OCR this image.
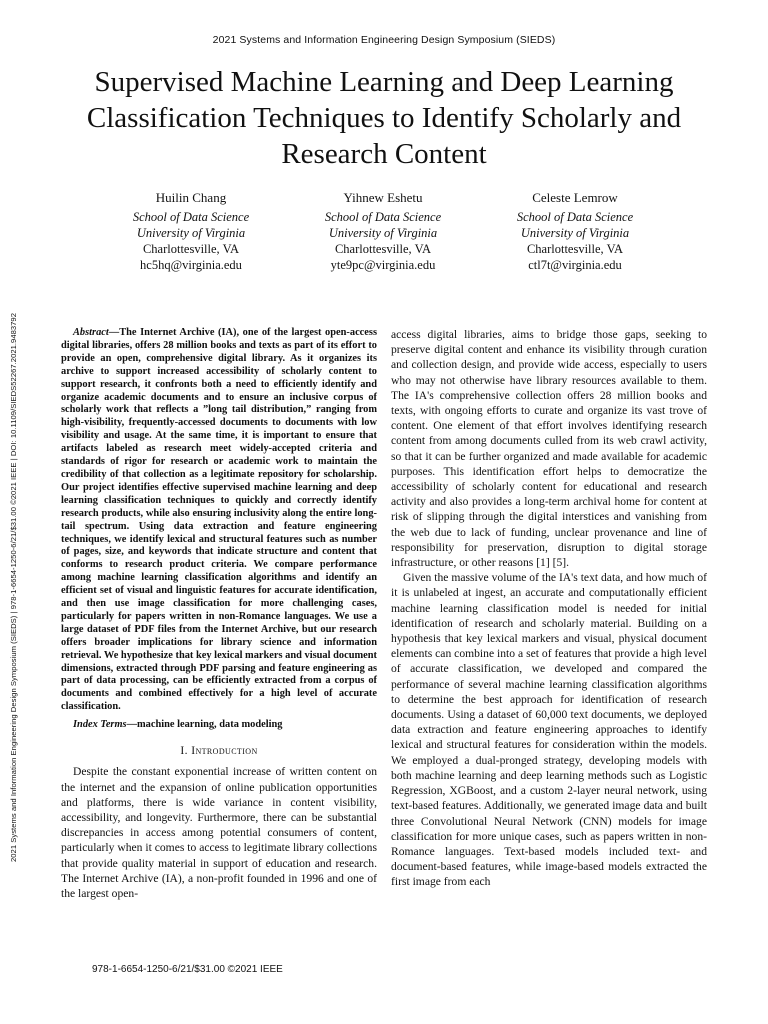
2021 Systems and Information Engineering Design Symposium (SIEDS)
Supervised Machine Learning and Deep Learning Classification Techniques to Identify Scholarly and Research Content
Huilin Chang
School of Data Science
University of Virginia
Charlottesville, VA
hc5hq@virginia.edu
Yihnew Eshetu
School of Data Science
University of Virginia
Charlottesville, VA
yte9pc@virginia.edu
Celeste Lemrow
School of Data Science
University of Virginia
Charlottesville, VA
ctl7t@virginia.edu
2021 Systems and Information Engineering Design Symposium (SIEDS) | 978-1-6654-1250-6/21/$31.00 ©2021 IEEE | DOI: 10.1109/SIEDS52267.2021.9483792	Abstract—The Internet Archive (IA), one of the largest open-access digital libraries, offers 28 million books and texts as part of its effort to provide an open, comprehensive digital library. As it organizes its archive to support increased accessibility of scholarly content to support research, it confronts both a need to efficiently identify and organize academic documents and to ensure an inclusive corpus of scholarly work that reflects a ”long tail distribution,” ranging from high-visibility, frequently-accessed documents to documents with low visibility and usage. At the same time, it is important to ensure that artifacts labeled as research meet widely-accepted criteria and standards of rigor for research or academic work to maintain the credibility of that collection as a legitimate repository for scholarship. Our project identifies effective supervised machine learning and deep learning classification techniques to quickly and correctly identify research products, while also ensuring inclusivity along the entire long-tail spectrum. Using data extraction and feature engineering techniques, we identify lexical and structural features such as number of pages, size, and keywords that indicate structure and content that conforms to research product criteria. We compare performance among machine learning classification algorithms and identify an efficient set of visual and linguistic features for accurate identification, and then use image classification for more challenging cases, particularly for papers written in non-Romance languages. We use a large dataset of PDF files from the Internet Archive, but our research offers broader implications for library science and information retrieval. We hypothesize that key lexical markers and visual document dimensions, extracted through PDF parsing and feature engineering as part of data processing, can be efficiently extracted from a corpus of documents and combined effectively for a high level of accurate classification.

Index Terms—machine learning, data modeling

I. Introduction

Despite the constant exponential increase of written content on the internet and the expansion of online publication opportunities and platforms, there is wide variance in content visibility, accessibility, and longevity. Furthermore, there can be substantial discrepancies in access among potential consumers of content, particularly when it comes to access to legitimate library collections that provide quality material in support of education and research. The Internet Archive (IA), a non-profit founded in 1996 and one of the largest open-

access digital libraries, aims to bridge those gaps, seeking to preserve digital content and enhance its visibility through curation and collection design, and provide wide access, especially to users who may not otherwise have library resources available to them. The IA's comprehensive collection offers 28 million books and texts, with ongoing efforts to curate and organize its vast trove of content. One element of that effort involves identifying research content from among documents culled from its web crawl activity, so that it can be further organized and made available for academic purposes. This identification effort helps to democratize the accessibility of scholarly content for educational and research activity and also provides a long-term archival home for content at risk of slipping through the digital interstices and vanishing from the web due to lack of funding, unclear provenance and line of responsibility for preservation, disruption to digital storage infrastructure, or other reasons [1] [5].

Given the massive volume of the IA's text data, and how much of it is unlabeled at ingest, an accurate and computationally efficient machine learning classification model is needed for initial identification of research and scholarly material. Building on a hypothesis that key lexical markers and visual, physical document elements can combine into a set of features that provide a high level of accurate classification, we developed and compared the performance of several machine learning classification algorithms to determine the best approach for identification of research documents. Using a dataset of 60,000 text documents, we deployed data extraction and feature engineering approaches to identify lexical and structural features for consideration within the models. We employed a dual-pronged strategy, developing models with both machine learning and deep learning methods such as Logistic Regression, XGBoost, and a custom 2-layer neural network, using text-based features. Additionally, we generated image data and built three Convolutional Neural Network (CNN) models for image classification for more unique cases, such as papers written in non-Romance languages. Text-based models included text- and document-based features, while image-based models extracted the first image from each

978-1-6654-1250-6/21/$31.00 ©2021 IEEE
